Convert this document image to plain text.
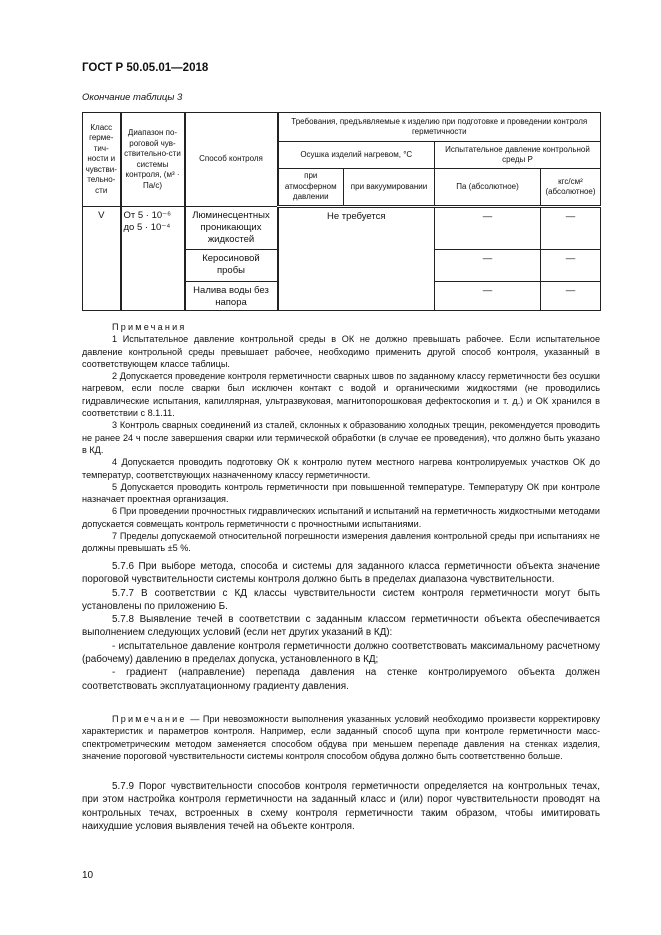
ГОСТ Р 50.05.01—2018
Окончание таблицы 3
Класс герме-тич-ности и чувстви-тельно-сти	Диапазон по-роговой чув-ствительно-сти системы контроля, (м³ · Па/с)	Способ контроля	Требования, предъявляемые к изделию при подготовке и проведении контроля герметичности			
			Осушка изделий нагревом, °С		Испытательное давление контрольной среды P	
			при атмосферном давлении	при вакуумировании	Па (абсолютное)	кгс/см² (абсолютное)
V	От 5 · 10⁻⁶ до 5 · 10⁻⁴	Люминесцентных проникающих жидкостей	Не требуется		—	—
		Керосиновой пробы			—	—
		Налива воды без напора			—	—

Примечания

1 Испытательное давление контрольной среды в ОК не должно превышать рабочее. Если испытательное давление контрольной среды превышает рабочее, необходимо применить другой способ контроля, указанный в соответствующем классе таблицы.

2 Допускается проведение контроля герметичности сварных швов по заданному классу герметичности без осушки нагревом, если после сварки был исключен контакт с водой и органическими жидкостями (не проводились гидравлические испытания, капиллярная, ультразвуковая, магнитопорошковая дефектоскопия и т. д.) и ОК хранился в соответствии с 8.1.11.

3 Контроль сварных соединений из сталей, склонных к образованию холодных трещин, рекомендуется проводить не ранее 24 ч после завершения сварки или термической обработки (в случае ее проведения), что должно быть указано в КД.

4 Допускается проводить подготовку ОК к контролю путем местного нагрева контролируемых участков ОК до температур, соответствующих назначенному классу герметичности.

5 Допускается проводить контроль герметичности при повышенной температуре. Температуру ОК при контроле назначает проектная организация.

6 При проведении прочностных гидравлических испытаний и испытаний на герметичность жидкостными методами допускается совмещать контроль герметичности с прочностными испытаниями.

7 Пределы допускаемой относительной погрешности измерения давления контрольной среды при испытаниях не должны превышать ±5 %.

5.7.6 При выборе метода, способа и системы для заданного класса герметичности объекта значение пороговой чувствительности системы контроля должно быть в пределах диапазона чувствительности.

5.7.7 В соответствии с КД классы чувствительности систем контроля герметичности могут быть установлены по приложению Б.

5.7.8 Выявление течей в соответствии с заданным классом герметичности объекта обеспечивается выполнением следующих условий (если нет других указаний в КД):

- испытательное давление контроля герметичности должно соответствовать максимальному расчетному (рабочему) давлению в пределах допуска, установленного в КД;

- градиент (направление) перепада давления на стенке контролируемого объекта должен соответствовать эксплуатационному градиенту давления.

Примечание — При невозможности выполнения указанных условий необходимо произвести корректировку характеристик и параметров контроля. Например, если заданный способ щупа при контроле герметичности масс-спектрометрическим методом заменяется способом обдува при меньшем перепаде давления на стенках изделия, значение пороговой чувствительности системы контроля способом обдува должно быть соответственно больше.

5.7.9 Порог чувствительности способов контроля герметичности определяется на контрольных течах, при этом настройка контроля герметичности на заданный класс и (или) порог чувствительности проводят на контрольных течах, встроенных в схему контроля герметичности таким образом, чтобы имитировать наихудшие условия выявления течей на объекте контроля.

10
